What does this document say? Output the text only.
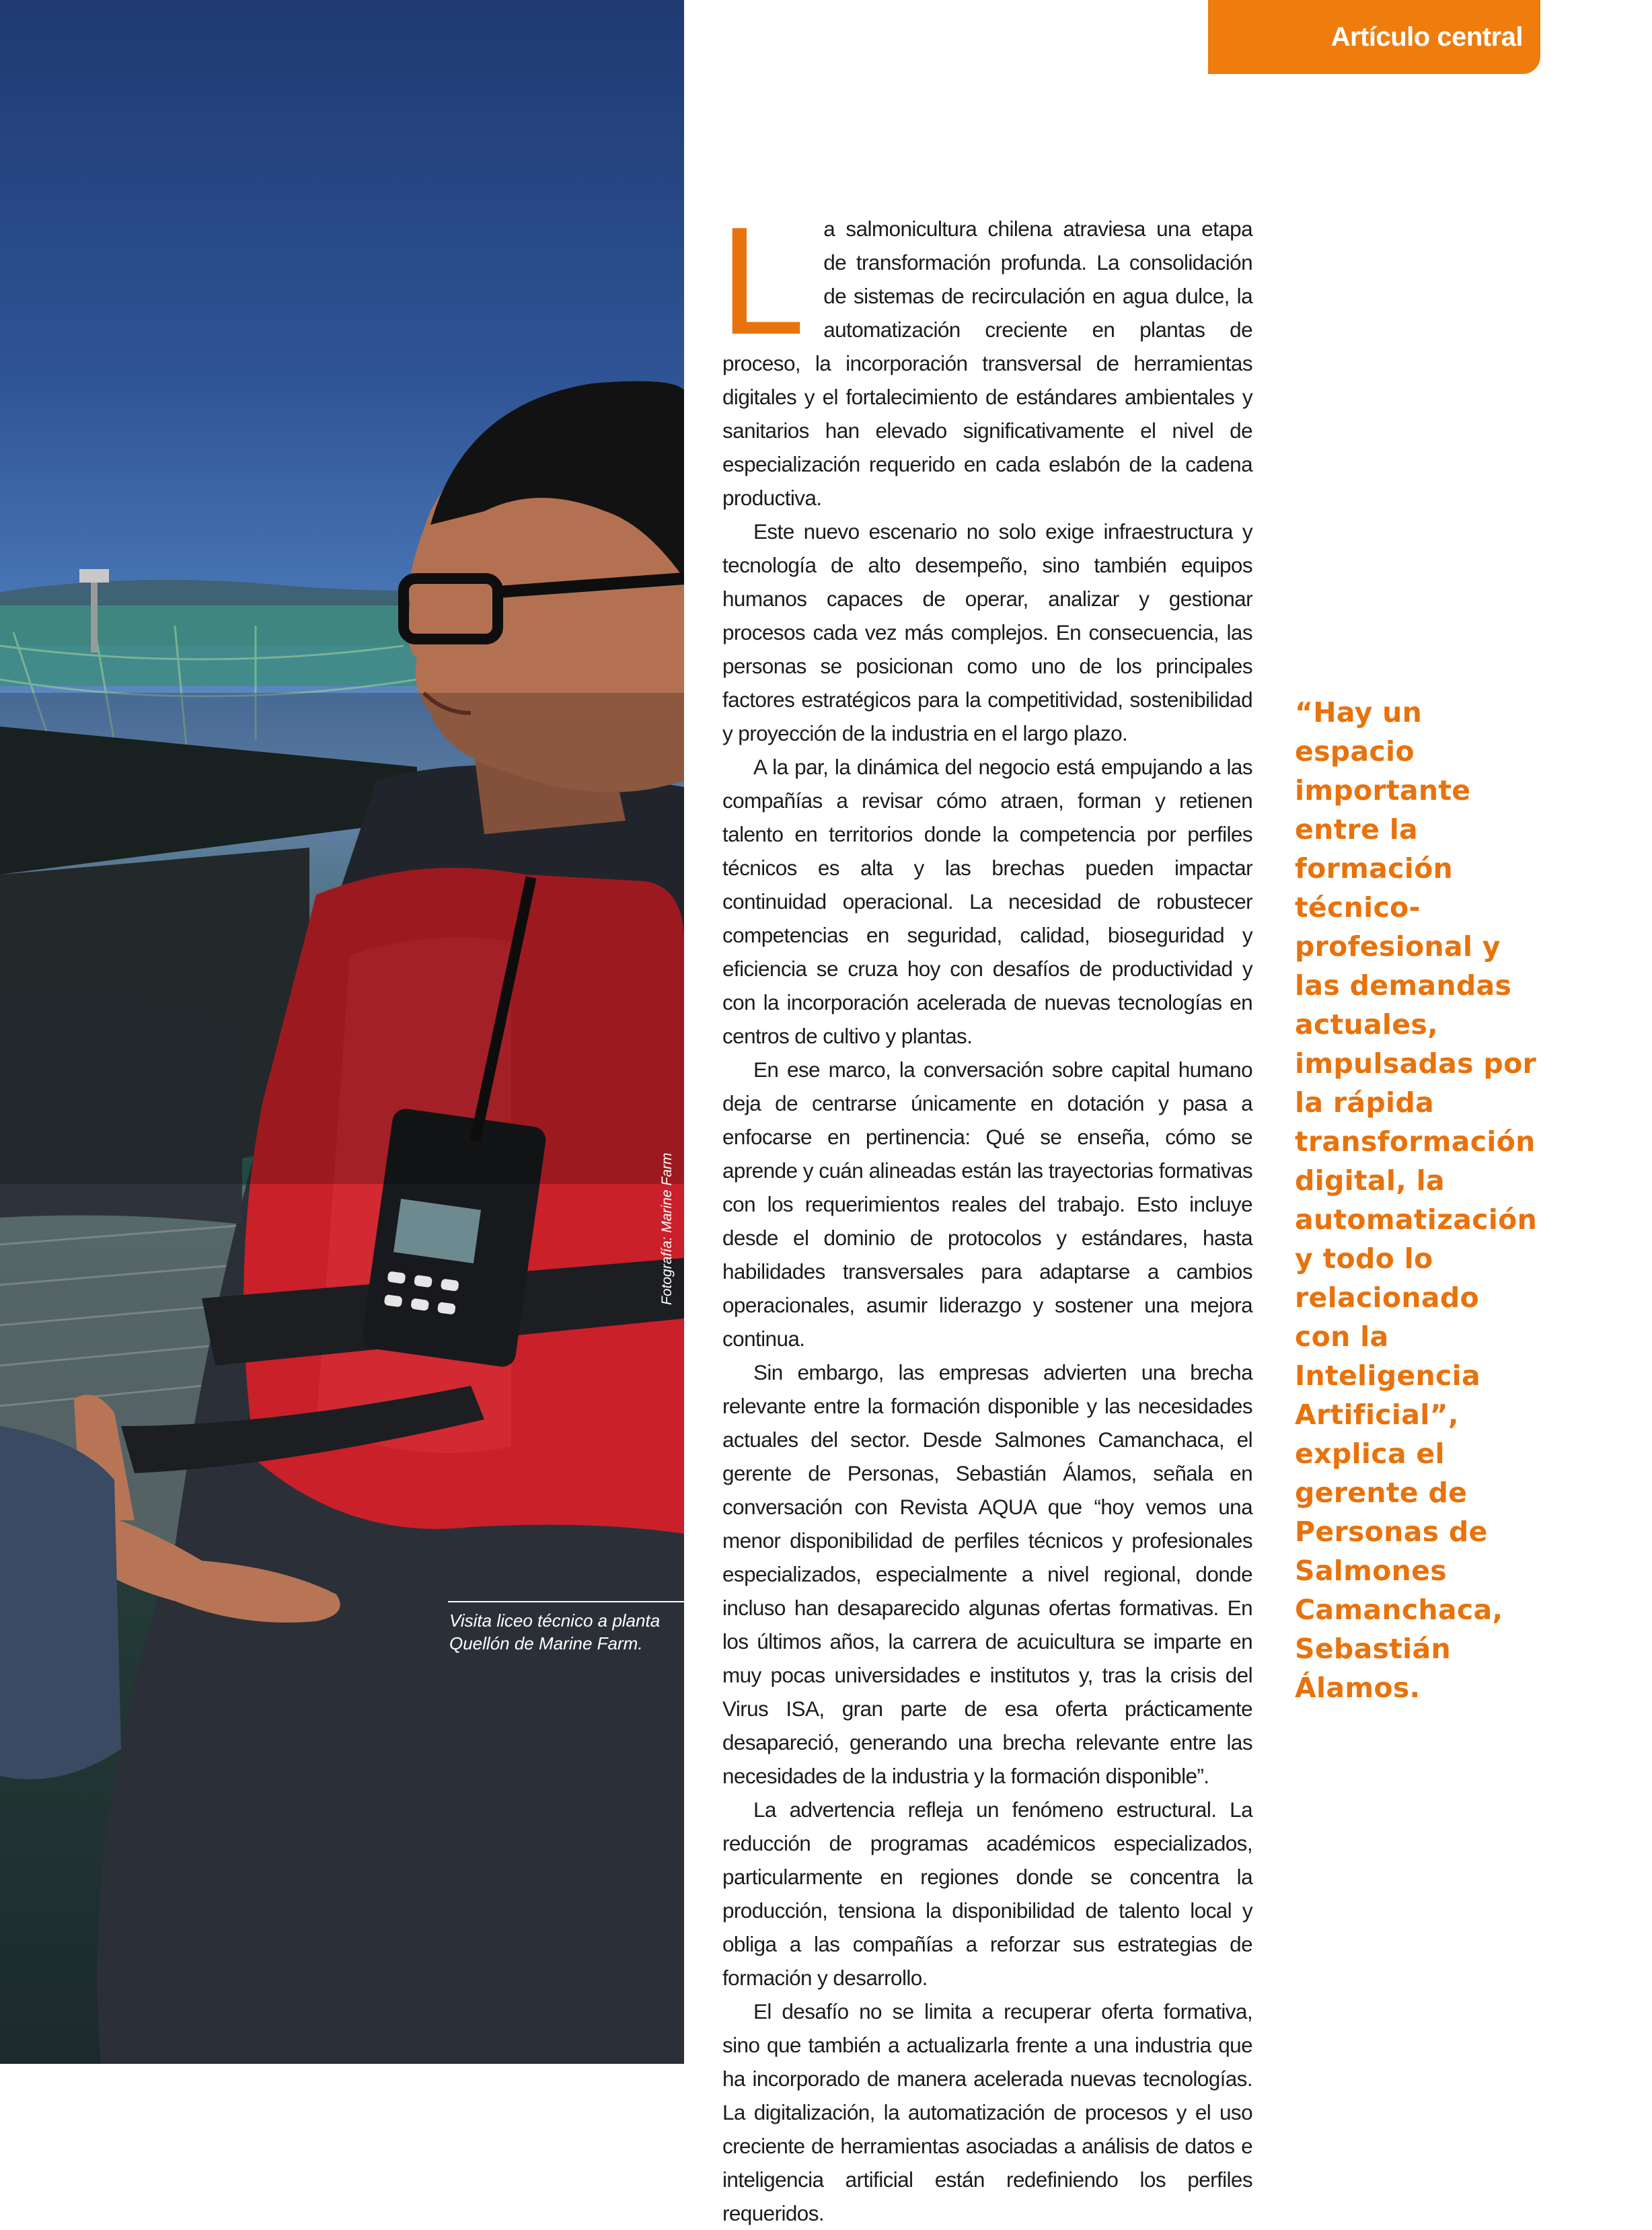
Fotografía: Marine Farm
Visita liceo técnico a planta Quellón de Marine Farm.
Artículo central

La salmonicultura chilena atraviesa una etapa de transformación profunda. La consolidación de sistemas de recirculación en agua dulce, la automatización creciente en plantas de proceso, la incorporación transversal de herramientas digitales y el fortalecimiento de estándares ambientales y sanitarios han elevado significativamente el nivel de especialización requerido en cada eslabón de la cadena productiva.

Este nuevo escenario no solo exige infraestructura y tecnología de alto desempeño, sino también equipos humanos capaces de operar, analizar y gestionar procesos cada vez más complejos. En consecuencia, las personas se posicionan como uno de los principales factores estratégicos para la competitividad, sostenibilidad y proyección de la industria en el largo plazo.

A la par, la dinámica del negocio está empujando a las compañías a revisar cómo atraen, forman y retienen talento en territorios donde la competencia por perfiles técnicos es alta y las brechas pueden impactar continuidad operacional. La necesidad de robustecer competencias en seguridad, calidad, bioseguridad y eficiencia se cruza hoy con desafíos de productividad y con la incorporación acelerada de nuevas tecnologías en centros de cultivo y plantas.

En ese marco, la conversación sobre capital humano deja de centrarse únicamente en dotación y pasa a enfocarse en pertinencia: Qué se enseña, cómo se aprende y cuán alineadas están las trayectorias formativas con los requerimientos reales del trabajo. Esto incluye desde el dominio de protocolos y estándares, hasta habilidades transversales para adaptarse a cambios operacionales, asumir liderazgo y sostener una mejora continua.

Sin embargo, las empresas advierten una brecha relevante entre la formación disponible y las necesidades actuales del sector. Desde Salmones Camanchaca, el gerente de Personas, Sebastián Álamos, señala en conversación con Revista AQUA que “hoy vemos una menor disponibilidad de perfiles técnicos y profesionales especializados, especialmente a nivel regional, donde incluso han desaparecido algunas ofertas formativas. En los últimos años, la carrera de acuicultura se imparte en muy pocas universidades e institutos y, tras la crisis del Virus ISA, gran parte de esa oferta prácticamente desapareció, generando una brecha relevante entre las necesidades de la industria y la formación disponible”.

La advertencia refleja un fenómeno estructural. La reducción de programas académicos especializados, particularmente en regiones donde se concentra la producción, tensiona la disponibilidad de talento local y obliga a las compañías a reforzar sus estrategias de formación y desarrollo.

El desafío no se limita a recuperar oferta formativa, sino que también a actualizarla frente a una industria que ha incorporado de manera acelerada nuevas tecnologías. La digitalización, la automatización de procesos y el uso creciente de herramientas asociadas a análisis de datos e inteligencia artificial están redefiniendo los perfiles requeridos.

“Hay un espacio importante entre la formación técnico-profesional y las demandas actuales, impulsadas por la rápida transformación digital, la automatización y todo lo relacionado con la Inteligencia Artificial”, explica el gerente de Personas de Salmones Camanchaca, Sebastián Álamos.
